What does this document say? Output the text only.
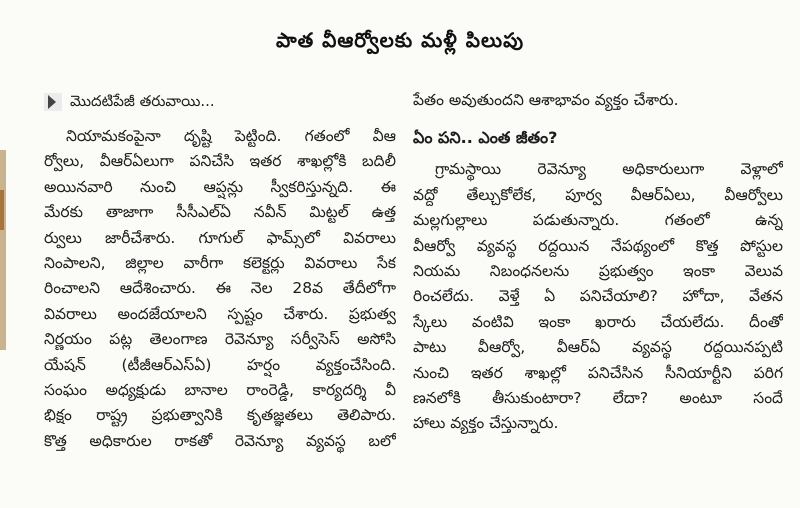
పాత వీఆర్వోలకు మళ్లీ పిలుపు
మొదటిపేజీ తరువాయి...
నియామకంపైనా దృష్టి పెట్టింది. గతంలో వీఆ
ర్వోలు, వీఆర్‌ఏలుగా పనిచేసి ఇతర శాఖల్లోకి బదిలీ
అయినవారి నుంచి ఆప్షన్లు స్వీకరిస్తున్నది. ఈ
మేరకు తాజాగా సీసీఎల్‌ఏ నవీన్‌ మిట్టల్‌ ఉత్త
ర్వులు జారీచేశారు. గూగుల్‌ ఫామ్స్‌లో వివరాలు
నింపాలని, జిల్లాల వారీగా కలెక్టర్లు వివరాలు సేక
రించాలని ఆదేశించారు. ఈ నెల 28వ తేదీలోగా
వివరాలు అందజేయాలని స్పష్టం చేశారు. ప్రభుత్వ
నిర్ణయం పట్ల తెలంగాణ రెవెన్యూ సర్వీసెస్‌ అసోసి
యేషన్‌ (టీజీఆర్‌ఎస్‌ఏ) హర్షం వ్యక్తంచేసింది.
సంఘం అధ్యక్షుడు బానాల రాంరెడ్డి, కార్యదర్శి వీ
భిక్షం రాష్ట్ర ప్రభుత్వానికి కృతజ్ఞతలు తెలిపారు.
కొత్త అధికారుల రాకతో రెవెన్యూ వ్యవస్థ బలో
పేతం అవుతుందని ఆశాభావం వ్యక్తం చేశారు.
ఏం పని.. ఎంత జీతం?
గ్రామస్థాయి రెవెన్యూ అధికారులుగా వెళ్లాలో
వద్దో తేల్చుకోలేక, పూర్వ వీఆర్‌ఏలు, వీఆర్వోలు
మల్లగుల్లాలు పడుతున్నారు. గతంలో ఉన్న
వీఆర్వో వ్యవస్థ రద్దయిన నేపథ్యంలో కొత్త పోస్టుల
నియమ నిబంధనలను ప్రభుత్వం ఇంకా వెలువ
రించలేదు. వెళ్తే ఏ పనిచేయాలి? హోదా, వేతన
స్కేలు వంటివి ఇంకా ఖరారు చేయలేదు. దీంతో
పాటు వీఆర్వో, వీఆర్‌ఏ వ్యవస్థ రద్దయినప్పటి
నుంచి ఇతర శాఖల్లో పనిచేసిన సీనియార్టీని పరిగ
ణనలోకి తీసుకుంటారా? లేదా? అంటూ సందే
హాలు వ్యక్తం చేస్తున్నారు.
